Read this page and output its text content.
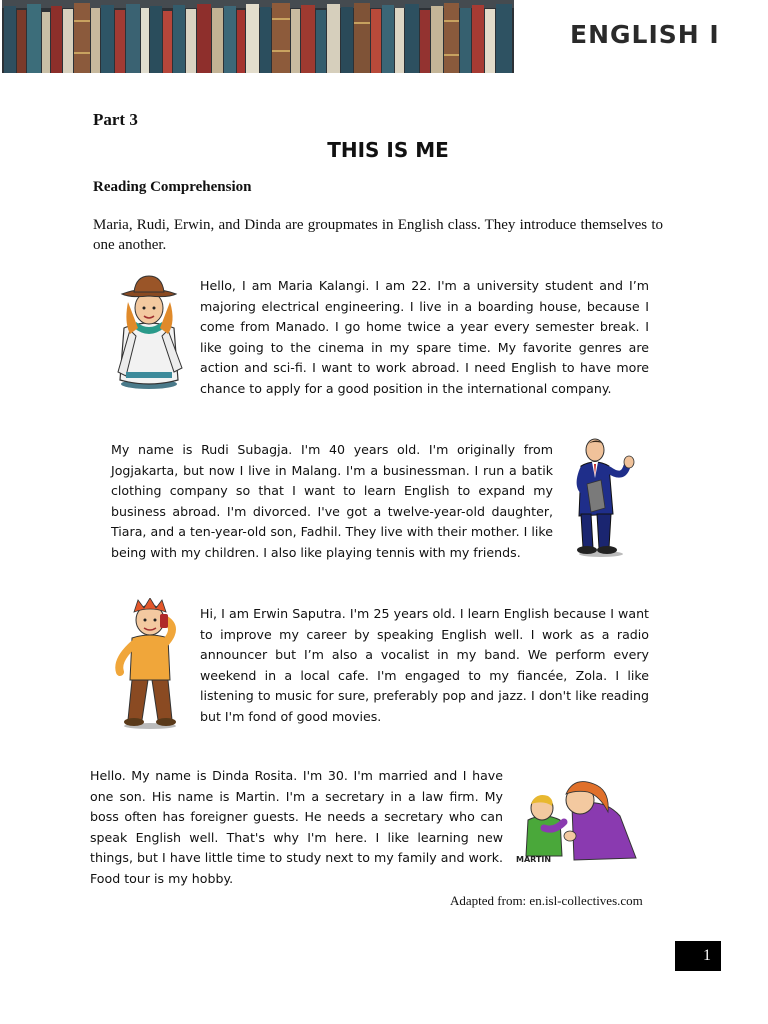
ENGLISH I
Part 3
THIS IS ME
Reading Comprehension
Maria, Rudi, Erwin, and Dinda are groupmates in English class. They introduce themselves to one another.
Hello, I am Maria Kalangi. I am 22. I'm a university student and I’m majoring electrical engineering. I live in a boarding house, because I come from Manado. I go home twice a year every semester break. I like going to the cinema in my spare time. My favorite genres are action and sci-fi. I want to work abroad. I need English to have more chance to apply for a good position in the international company.
My name is Rudi Subagja. I'm 40 years old. I'm originally from Jogjakarta, but now I live in Malang. I'm a businessman. I run a batik clothing company so that I want to learn English to expand my business abroad. I'm divorced. I've got a twelve-year-old daughter, Tiara, and a ten-year-old son, Fadhil. They live with their mother. I like being with my children. I also like playing tennis with my friends.
Hi, I am Erwin Saputra. I'm 25 years old. I learn English because I want to improve my career by speaking English well. I work as a radio announcer but I’m also a vocalist in my band. We perform every weekend in a local cafe. I'm engaged to my fiancée, Zola. I like listening to music for sure, preferably pop and jazz. I don't like reading but I'm fond of good movies.
MARTIN
Hello. My name is Dinda Rosita. I'm 30. I'm married and I have one son. His name is Martin. I'm a secretary in a law firm. My boss often has foreigner guests. He needs a secretary who can speak English well. That's why I'm here. I like learning new things, but I have little time to study next to my family and work. Food tour is my hobby.
Adapted from: en.isl-collectives.com
1
